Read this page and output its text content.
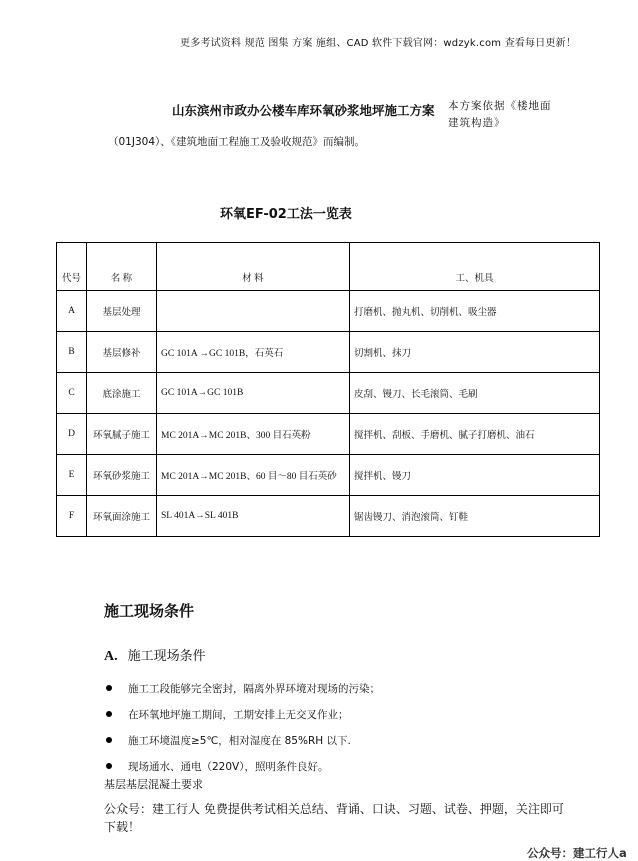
更多考试资料 规范 图集 方案 施组、CAD 软件下载官网：wdzyk.com 查看每日更新！
山东滨州市政办公楼车库环氧砂浆地坪施工方案 本方案依据《楼地面建筑构造》
（01J304）、《建筑地面工程施工及验收规范》而编制。
环氧EF-02工法一览表
代号	名 称	材 料	工、机具
A	基层处理		打磨机、抛丸机、切削机、吸尘器
B	基层修补	GC 101A →GC 101B，石英石	切割机、抹刀
C	底涂施工	GC 101A→GC 101B	皮刮、镘刀、长毛滚筒、毛刷
D	环氧腻子施工	MC 201A→MC 201B、300 目石英粉	搅拌机、刮板、手磨机、腻子打磨机、油石
E	环氧砂浆施工	MC 201A→MC 201B、60 目～80 目石英砂	搅拌机、镘刀
F	环氧面涂施工	SL 401A→SL 401B	锯齿镘刀、消泡滚筒、钉鞋
施工现场条件
A. 施工现场条件
施工工段能够完全密封，隔离外界环境对现场的污染；
在环氧地坪施工期间，工期安排上无交叉作业；
施工环境温度≥5℃，相对湿度在 85%RH 以下.
现场通水、通电（220V），照明条件良好。
基层基层混凝土要求
公众号：建工行人 免费提供考试相关总结、背诵、口诀、习题、试卷、押题，关注即可下载！
公众号：建工行人a
